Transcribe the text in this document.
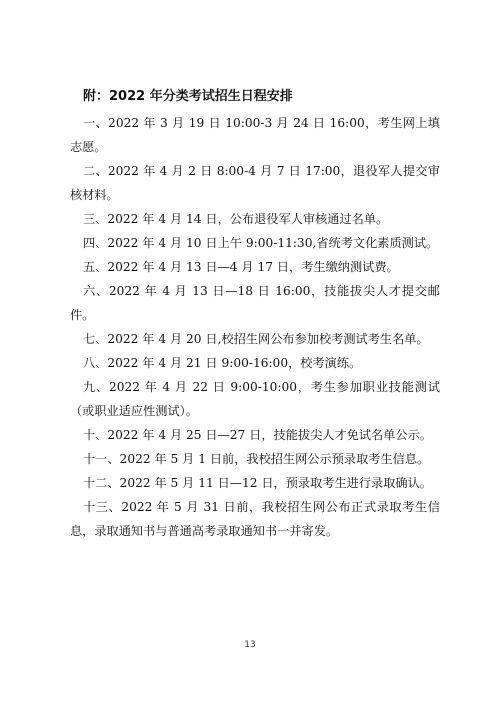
附：2022 年分类考试招生日程安排

一、2022 年 3 月 19 日 10:00-3 月 24 日 16:00，考生网上填志愿。

二、2022 年 4 月 2 日 8:00-4 月 7 日 17:00，退役军人提交审核材料。

三、2022 年 4 月 14 日，公布退役军人审核通过名单。

四、2022 年 4 月 10 日上午 9:00-11:30,省统考文化素质测试。

五、2022 年 4 月 13 日—4 月 17 日，考生缴纳测试费。

六、2022 年 4 月 13 日—18 日 16:00，技能拔尖人才提交邮件。

七、2022 年 4 月 20 日,校招生网公布参加校考测试考生名单。

八、2022 年 4 月 21 日 9:00-16:00，校考演练。

九、2022 年 4 月 22 日 9:00-10:00，考生参加职业技能测试（或职业适应性测试）。

十、2022 年 4 月 25 日—27 日，技能拔尖人才免试名单公示。

十一、2022 年 5 月 1 日前，我校招生网公示预录取考生信息。

十二、2022 年 5 月 11 日—12 日，预录取考生进行录取确认。

十三、2022 年 5 月 31 日前，我校招生网公布正式录取考生信息，录取通知书与普通高考录取通知书一并寄发。

13
